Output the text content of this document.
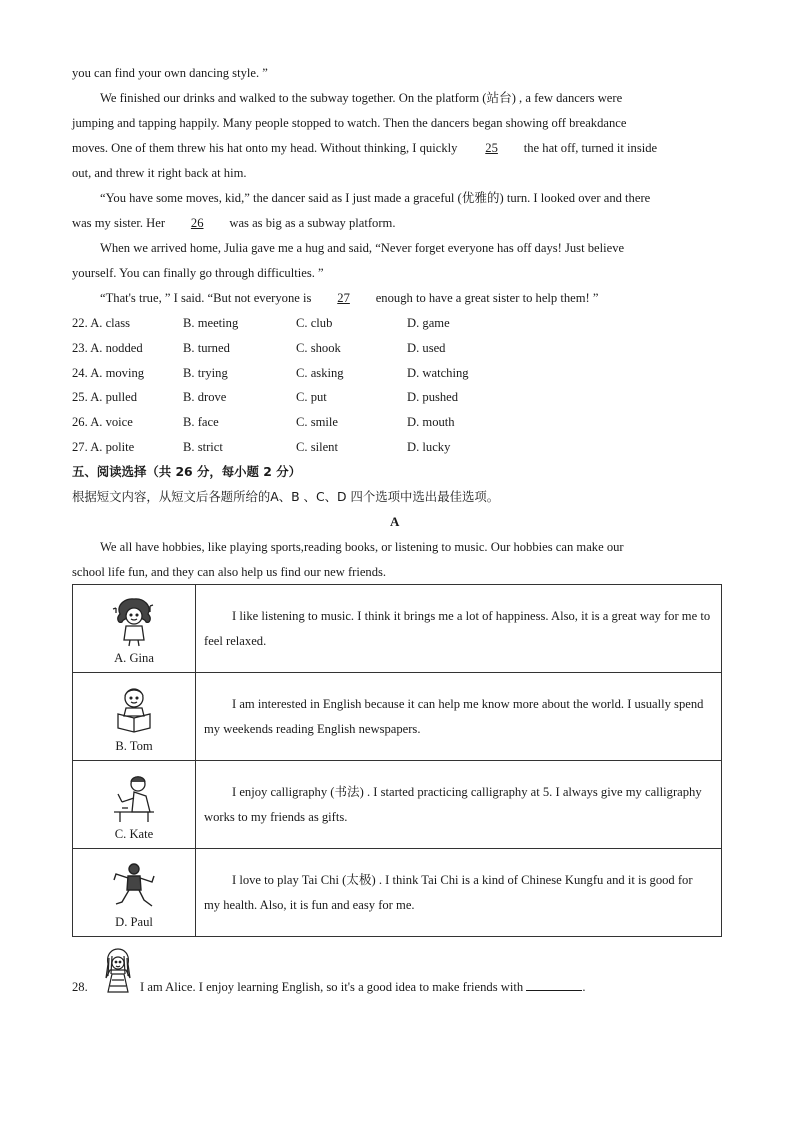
you can find your own dancing style. ”
We finished our drinks and walked to the subway together. On the platform (站台) , a few dancers were
jumping and tapping happily. Many people stopped to watch. Then the dancers began showing off breakdance
moves. One of them threw his hat onto my head. Without thinking, I quickly 25 the hat off, turned it inside
out, and threw it right back at him.
“You have some moves, kid,” the dancer said as I just made a graceful (优雅的) turn. I looked over and there
was my sister. Her 26 was as big as a subway platform.
When we arrived home, Julia gave me a hug and said, “Never forget everyone has off days! Just believe
yourself. You can finally go through difficulties. ”
“That's true, ” I said. “But not everyone is 27 enough to have a great sister to help them! ”
22. A. class	B. meeting	C. club	D. game
23. A. nodded	B. turned	C. shook	D. used
24. A. moving	B. trying	C. asking	D. watching
25. A. pulled	B. drove	C. put	D. pushed
26. A. voice	B. face	C. smile	D. mouth
27. A. polite	B. strict	C. silent	D. lucky
五、阅读选择（共 26 分，每小题 2 分）
根据短文内容，从短文后各题所给的A、B 、C、D 四个选项中选出最佳选项。
A
We all have hobbies, like playing sports,reading books, or listening to music. Our hobbies can make our
school life fun, and they can also help us find our new friends.
A. Gina	I like listening to music. I think it brings me a lot of happiness. Also, it is a great way for me to feel relaxed.

B. Tom	I am interested in English because it can help me know more about the world. I usually spend my weekends reading English newspapers.

C. Kate	I enjoy calligraphy (书法) . I started practicing calligraphy at 5. I always give my calligraphy works to my friends as gifts.

D. Paul	I love to play Tai Chi (太极) . I think Tai Chi is a kind of Chinese Kungfu and it is good for my health. Also, it is fun and easy for me.

28.	I am Alice. I enjoy learning English, so it's a good idea to make friends with	.
